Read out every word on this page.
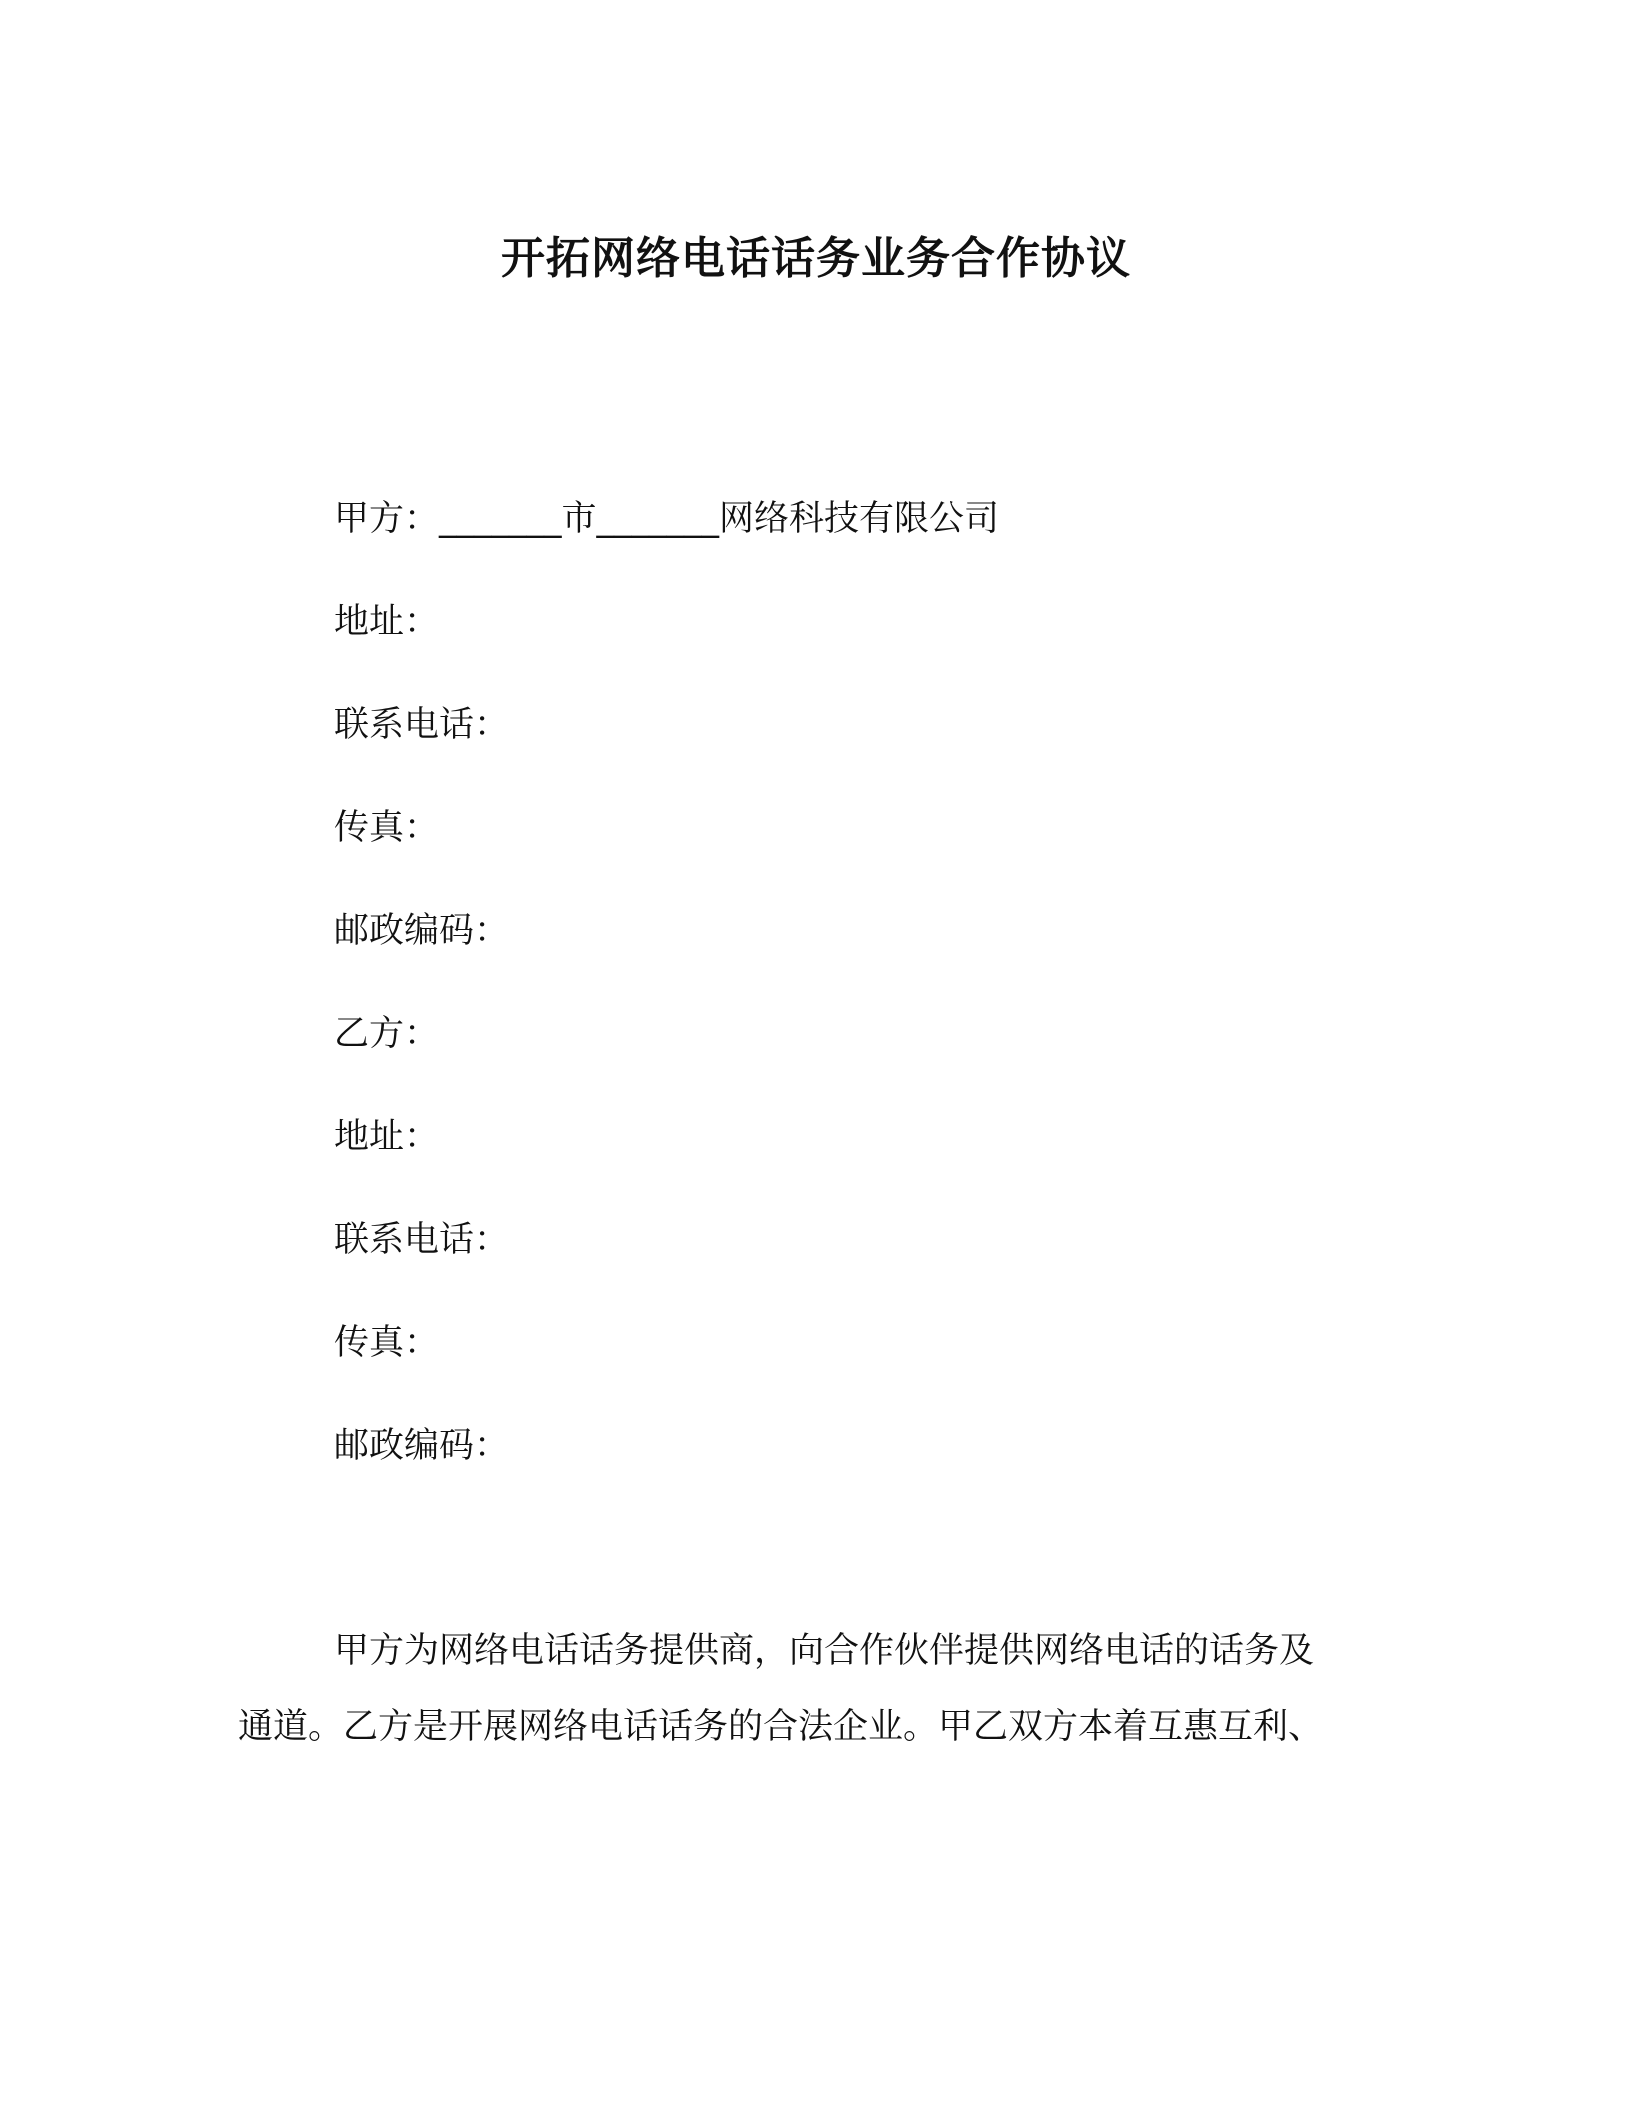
开拓网络电话话务业务合作协议
甲方：_______市_______网络科技有限公司
地址：
联系电话：
传真：
邮政编码：
乙方：
地址：
联系电话：
传真：
邮政编码：
甲方为网络电话话务提供商，向合作伙伴提供网络电话的话务及
通道。乙方是开展网络电话话务的合法企业。甲乙双方本着互惠互利、
